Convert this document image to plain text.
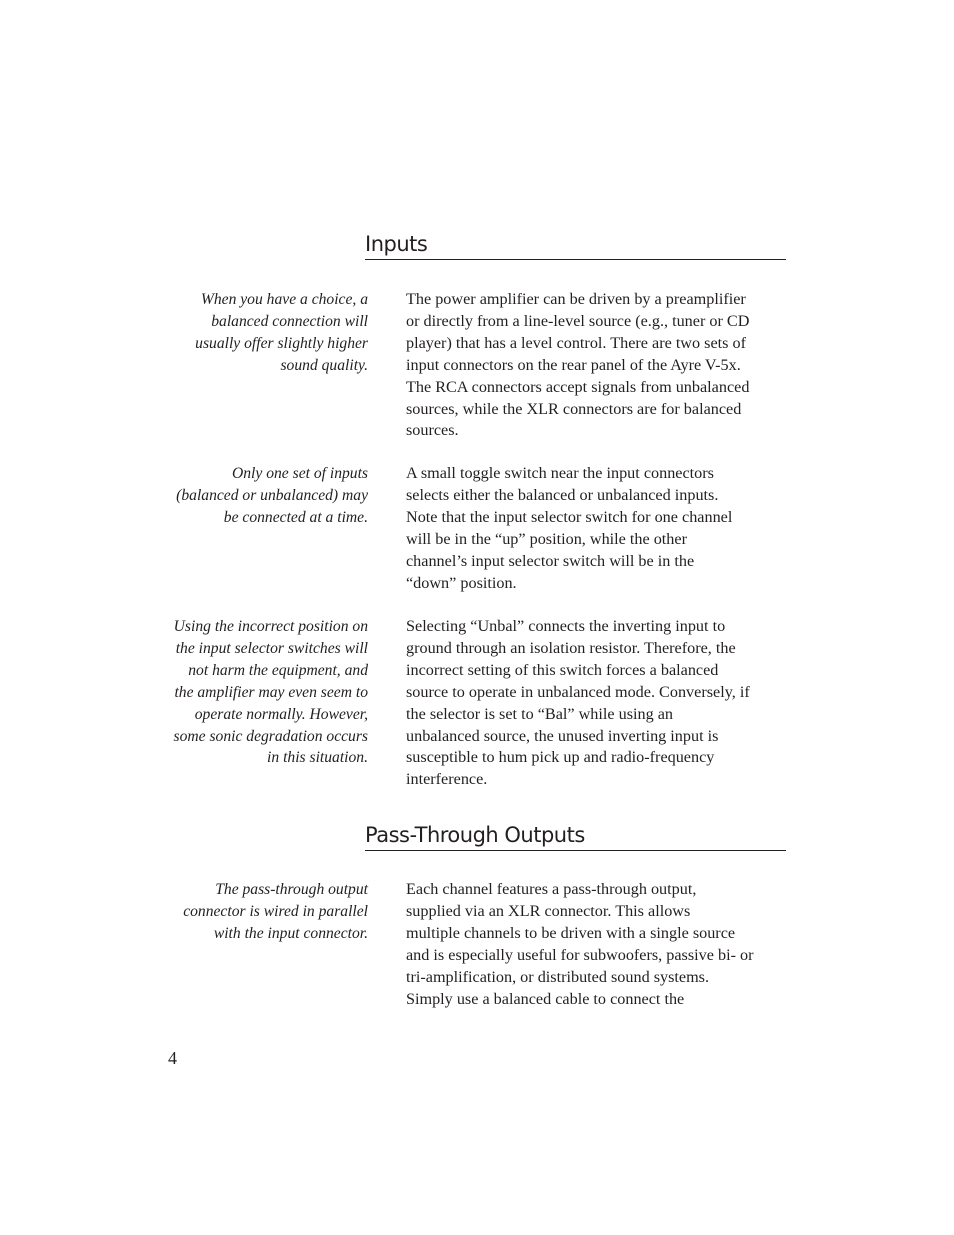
Inputs

When you have a choice, a
balanced connection will
usually offer slightly higher
sound quality.

The power amplifier can be driven by a preamplifier
or directly from a line-level source (e.g., tuner or CD
player) that has a level control. There are two sets of
input connectors on the rear panel of the Ayre V-5x.
The RCA connectors accept signals from unbalanced
sources, while the XLR connectors are for balanced
sources.

Only one set of inputs
(balanced or unbalanced) may
be connected at a time.

A small toggle switch near the input connectors
selects either the balanced or unbalanced inputs.
Note that the input selector switch for one channel
will be in the “up” position, while the other
channel’s input selector switch will be in the
“down” position.

Using the incorrect position on
the input selector switches will
not harm the equipment, and
the amplifier may even seem to
operate normally. However,
some sonic degradation occurs
in this situation.

Selecting “Unbal” connects the inverting input to
ground through an isolation resistor. Therefore, the
incorrect setting of this switch forces a balanced
source to operate in unbalanced mode. Conversely, if
the selector is set to “Bal” while using an
unbalanced source, the unused inverting input is
susceptible to hum pick up and radio-frequency
interference.

Pass-Through Outputs

The pass-through output
connector is wired in parallel
with the input connector.

Each channel features a pass-through output,
supplied via an XLR connector. This allows
multiple channels to be driven with a single source
and is especially useful for subwoofers, passive bi- or
tri-amplification, or distributed sound systems.
Simply use a balanced cable to connect the

4
